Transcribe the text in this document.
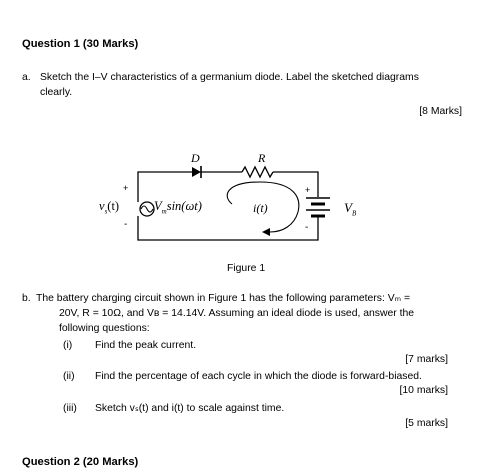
Question 1 (30 Marks)
a. Sketch the I–V characteristics of a germanium diode. Label the sketched diagrams
clearly.
[8 Marks]
D	R
+
-
$v_s(t)$	$V_m\sin(\omega t)$	i(t)
+
-
$V_B$
Figure 1
b. The battery charging circuit shown in Figure 1 has the following parameters: Vₘ =
20V, R = 10Ω, and Vʙ = 14.14V. Assuming an ideal diode is used, answer the
following questions:
(i) Find the peak current.
[7 marks]
(ii) Find the percentage of each cycle in which the diode is forward-biased.
[10 marks]
(iii) Sketch vₛ(t) and i(t) to scale against time.
[5 marks]
Question 2 (20 Marks)
